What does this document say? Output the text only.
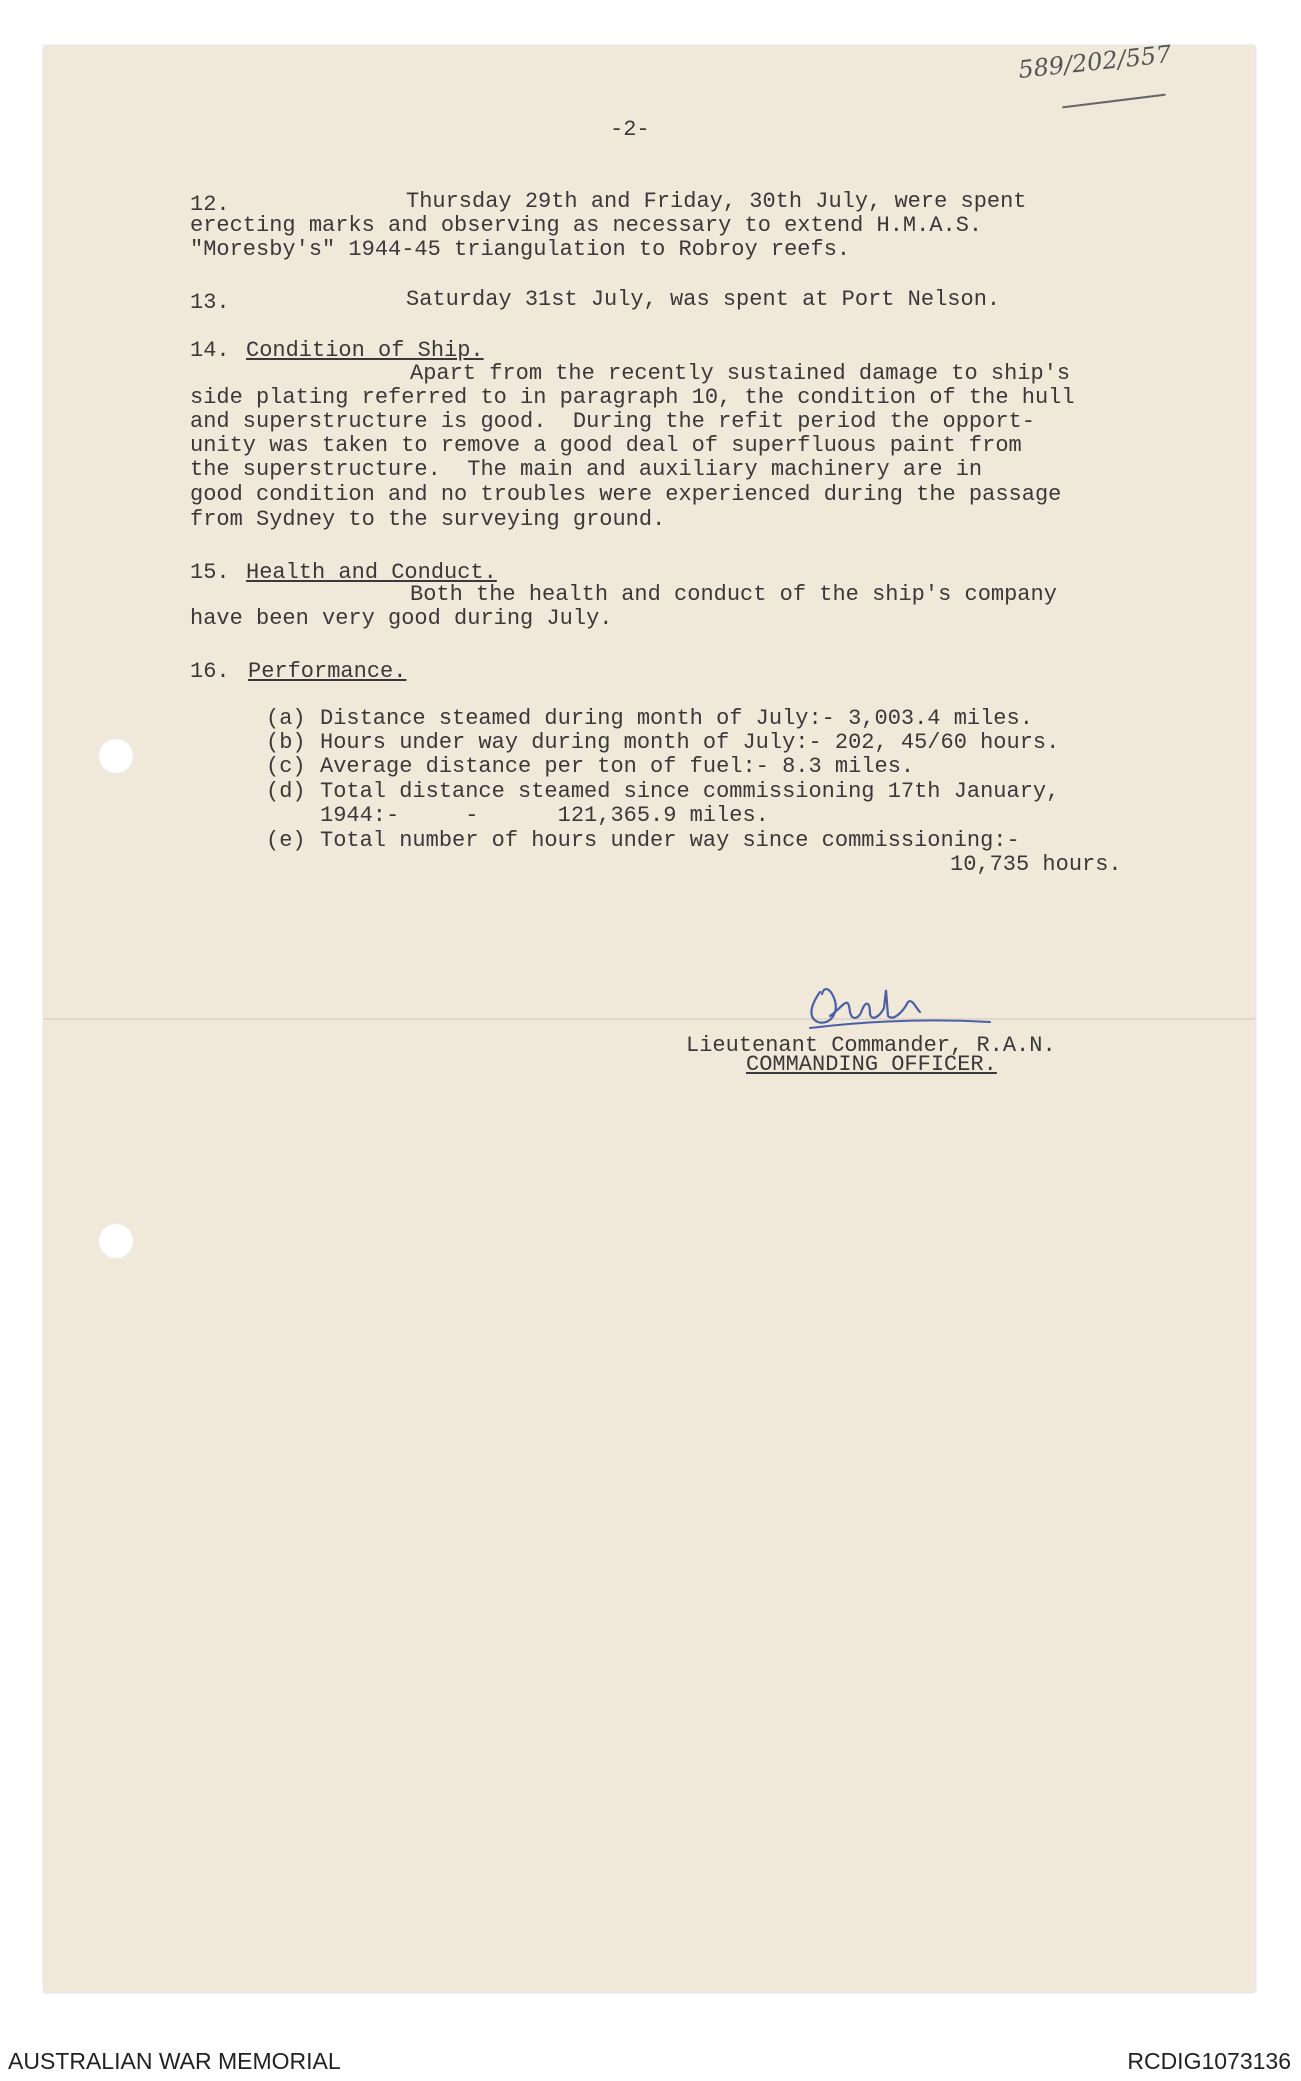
589/202/557

-2-

12.	Thursday 29th and Friday, 30th July, were spent

erecting marks and observing as necessary to extend H.M.A.S.

"Moresby's" 1944-45 triangulation to Robroy reefs.

13.	Saturday 31st July, was spent at Port Nelson.

14. Condition of Ship.

Apart from the recently sustained damage to ship's

side plating referred to in paragraph 10, the condition of the hull

and superstructure is good.  During the refit period the opport-

unity was taken to remove a good deal of superfluous paint from

the superstructure.  The main and auxiliary machinery are in

good condition and no troubles were experienced during the passage

from Sydney to the surveying ground.

15. Health and Conduct.

Both the health and conduct of the ship's company

have been very good during July.

16. Performance.

(a) Distance steamed during month of July:- 3,003.4 miles.

(b) Hours under way during month of July:- 202, 45/60 hours.

(c) Average distance per ton of fuel:- 8.3 miles.

(d) Total distance steamed since commissioning 17th January,

1944:-     -      121,365.9 miles.

(e) Total number of hours under way since commissioning:-

10,735 hours.

Lieutenant Commander, R.A.N.

COMMANDING OFFICER.

AUSTRALIAN WAR MEMORIAL	RCDIG1073136
